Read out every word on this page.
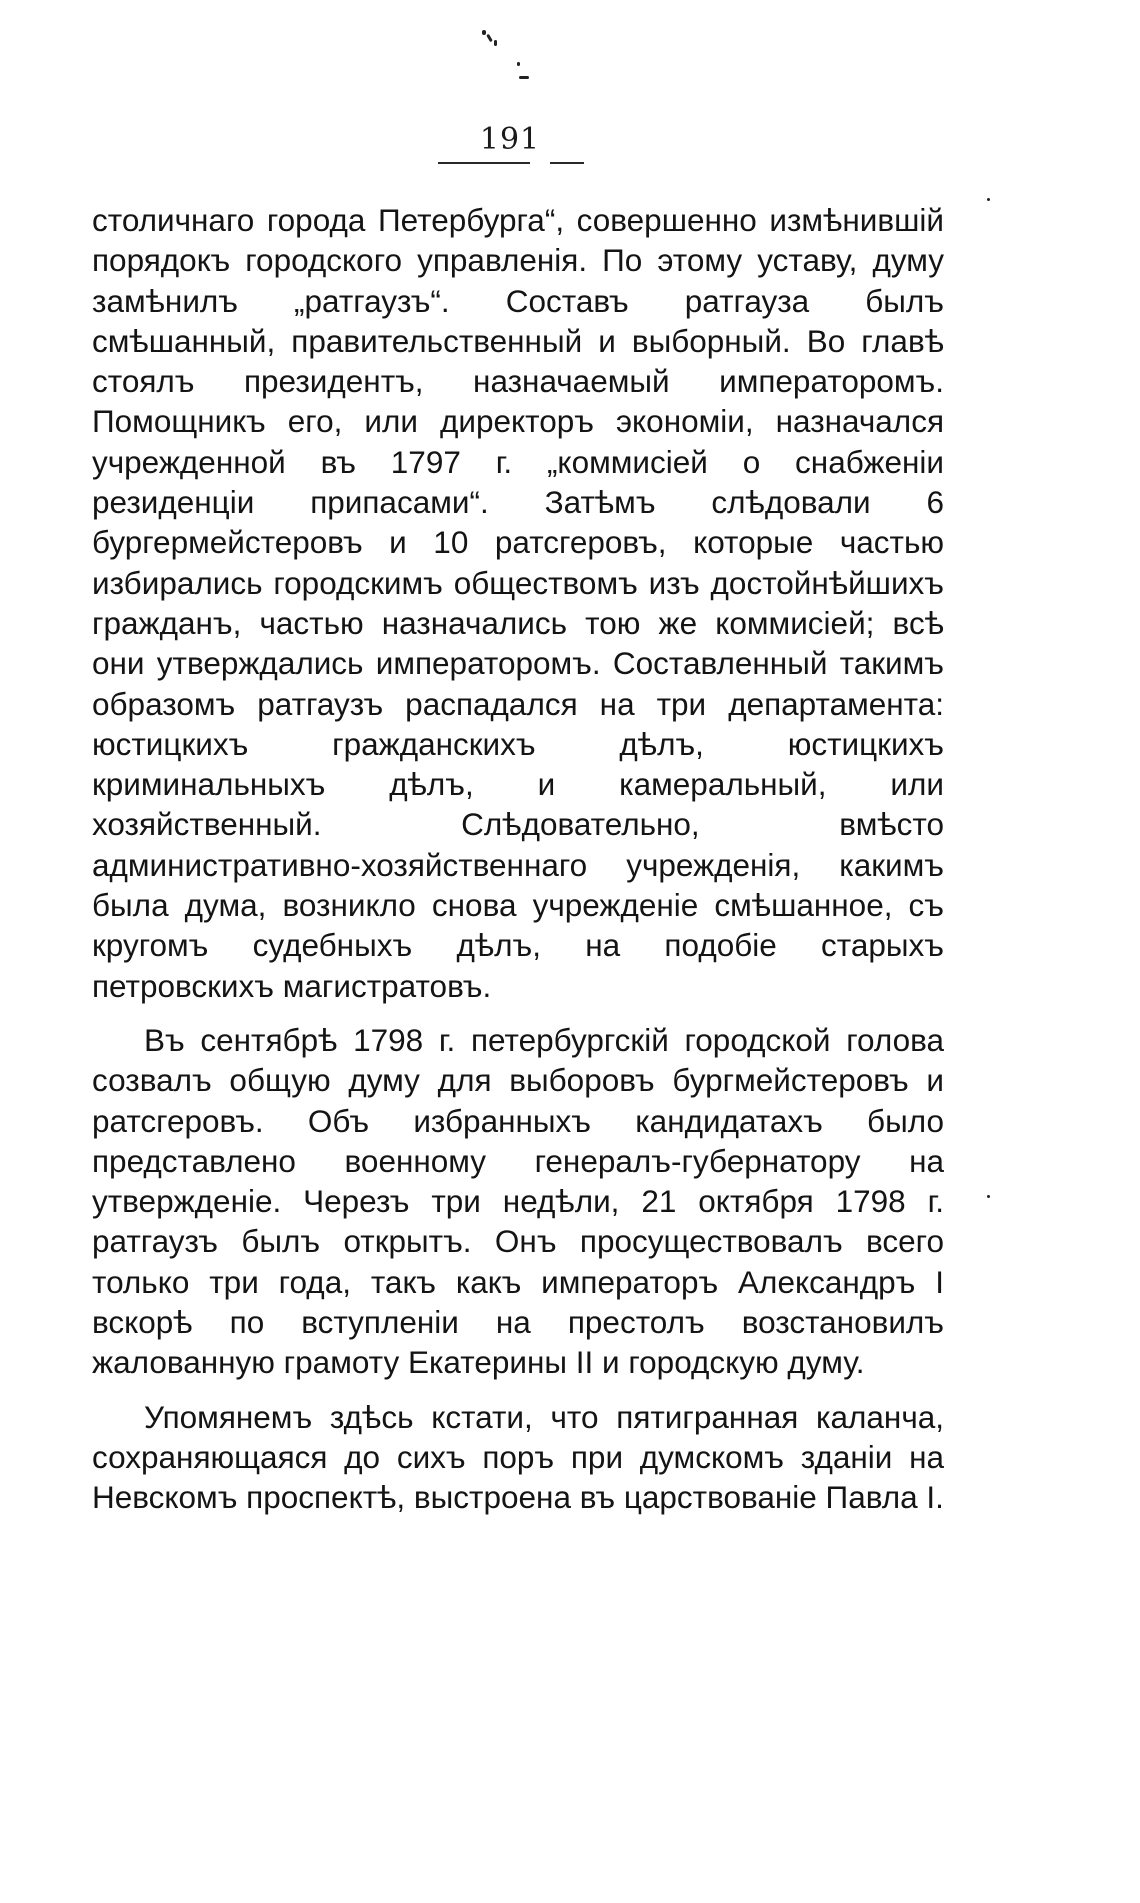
191

столичнаго города Петербурга“, совершенно измѣнившій порядокъ городского управленія. По этому уставу, думу замѣнилъ „ратгаузъ“. Составъ ратгауза былъ смѣшанный, правительственный и выборный. Во главѣ стоялъ президентъ, назначаемый императоромъ. Помощникъ его, или директоръ экономіи, назначался учрежденной въ 1797 г. „коммисіей о снабженіи резиденціи припасами“. Затѣмъ слѣдовали 6 бургермейстеровъ и 10 ратсгеровъ, которые частью избирались городскимъ обществомъ изъ достойнѣйшихъ гражданъ, частью назначались тою же коммисіей; всѣ они утверждались императоромъ. Составленный такимъ образомъ ратгаузъ распадался на три департамента: юстицкихъ гражданскихъ дѣлъ, юстицкихъ криминальныхъ дѣлъ, и камеральный, или хозяйственный. Слѣдовательно, вмѣсто административно-хозяйственнаго учрежденія, какимъ была дума, возникло снова учрежденіе смѣшанное, съ кругомъ судебныхъ дѣлъ, на подобіе старыхъ петровскихъ магистратовъ.

Въ сентябрѣ 1798 г. петербургскій городской голова созвалъ общую думу для выборовъ бургмейстеровъ и ратсгеровъ. Объ избранныхъ кандидатахъ было представлено военному генералъ-губернатору на утвержденіе. Черезъ три недѣли, 21 октября 1798 г. ратгаузъ былъ открытъ. Онъ просуществовалъ всего только три года, такъ какъ императоръ Александръ I вскорѣ по вступленіи на престолъ возстановилъ жалованную грамоту Екатерины II и городскую думу.

Упомянемъ здѣсь кстати, что пятигранная каланча, сохраняющаяся до сихъ поръ при думскомъ зданіи на Невскомъ проспектѣ, выстроена въ царствованіе Павла I.
